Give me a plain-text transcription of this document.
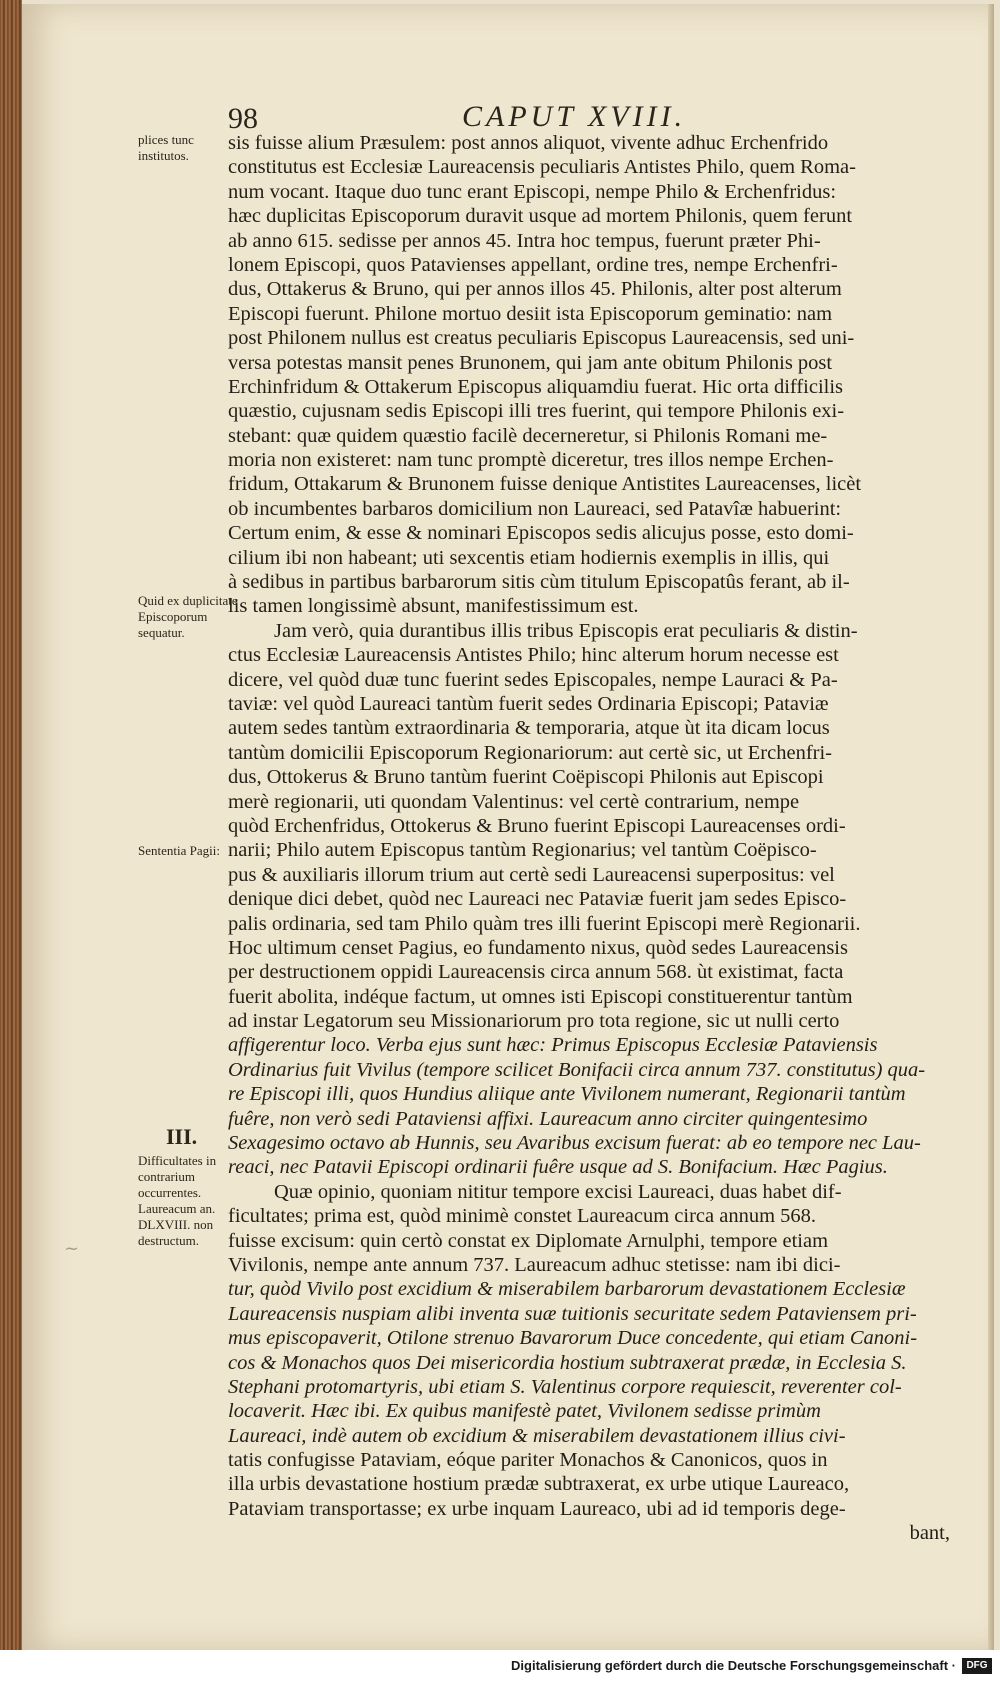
98	CAPUT XVIII.
plices tunc institutos.
Quid ex duplicitate Episcoporum sequatur.
Sententia Pagii:
III.
Difficultates in contrarium occurrentes. Laureacum an. DLXVIII. non destructum.
~
sis fuisse alium Præsulem: post annos aliquot, vivente adhuc Erchenfrido
constitutus est Ecclesiæ Laureacensis peculiaris Antistes Philo, quem Roma-
num vocant. Itaque duo tunc erant Episcopi, nempe Philo & Erchenfridus:
hæc duplicitas Episcoporum duravit usque ad mortem Philonis, quem ferunt
ab anno 615. sedisse per annos 45. Intra hoc tempus, fuerunt præter Phi-
lonem Episcopi, quos Patavienses appellant, ordine tres, nempe Erchenfri-
dus, Ottakerus & Bruno, qui per annos illos 45. Philonis, alter post alterum
Episcopi fuerunt. Philone mortuo desiit ista Episcoporum geminatio: nam
post Philonem nullus est creatus peculiaris Episcopus Laureacensis, sed uni-
versa potestas mansit penes Brunonem, qui jam ante obitum Philonis post
Erchinfridum & Ottakerum Episcopus aliquamdiu fuerat. Hic orta difficilis
quæstio, cujusnam sedis Episcopi illi tres fuerint, qui tempore Philonis exi-
stebant: quæ quidem quæstio facilè decerneretur, si Philonis Romani me-
moria non existeret: nam tunc promptè diceretur, tres illos nempe Erchen-
fridum, Ottakarum & Brunonem fuisse denique Antistites Laureacenses, licèt
ob incumbentes barbaros domicilium non Laureaci, sed Patavîæ habuerint:
Certum enim, & esse & nominari Episcopos sedis alicujus posse, esto domi-
cilium ibi non habeant; uti sexcentis etiam hodiernis exemplis in illis, qui
à sedibus in partibus barbarorum sitis cùm titulum Episcopatûs ferant, ab il-
lis tamen longissimè absunt, manifestissimum est.
Jam verò, quia durantibus illis tribus Episcopis erat peculiaris & distin-
ctus Ecclesiæ Laureacensis Antistes Philo; hinc alterum horum necesse est
dicere, vel quòd duæ tunc fuerint sedes Episcopales, nempe Lauraci & Pa-
taviæ: vel quòd Laureaci tantùm fuerit sedes Ordinaria Episcopi; Pataviæ
autem sedes tantùm extraordinaria & temporaria, atque ùt ita dicam locus
tantùm domicilii Episcoporum Regionariorum: aut certè sic, ut Erchenfri-
dus, Ottokerus & Bruno tantùm fuerint Coëpiscopi Philonis aut Episcopi
merè regionarii, uti quondam Valentinus: vel certè contrarium, nempe
quòd Erchenfridus, Ottokerus & Bruno fuerint Episcopi Laureacenses ordi-
narii; Philo autem Episcopus tantùm Regionarius; vel tantùm Coëpisco-
pus & auxiliaris illorum trium aut certè sedi Laureacensi superpositus: vel
denique dici debet, quòd nec Laureaci nec Pataviæ fuerit jam sedes Episco-
palis ordinaria, sed tam Philo quàm tres illi fuerint Episcopi merè Regionarii.
Hoc ultimum censet Pagius, eo fundamento nixus, quòd sedes Laureacensis
per destructionem oppidi Laureacensis circa annum 568. ùt existimat, facta
fuerit abolita, indéque factum, ut omnes isti Episcopi constituerentur tantùm
ad instar Legatorum seu Missionariorum pro tota regione, sic ut nulli certo
affigerentur loco. Verba ejus sunt hæc: Primus Episcopus Ecclesiæ Pataviensis
Ordinarius fuit Vivilus (tempore scilicet Bonifacii circa annum 737. constitutus) qua-
re Episcopi illi, quos Hundius aliique ante Vivilonem numerant, Regionarii tantùm
fuêre, non verò sedi Pataviensi affixi. Laureacum anno circiter quingentesimo
Sexagesimo octavo ab Hunnis, seu Avaribus excisum fuerat: ab eo tempore nec Lau-
reaci, nec Patavii Episcopi ordinarii fuêre usque ad S. Bonifacium. Hæc Pagius.
Quæ opinio, quoniam nititur tempore excisi Laureaci, duas habet dif-
ficultates; prima est, quòd minimè constet Laureacum circa annum 568.
fuisse excisum: quin certò constat ex Diplomate Arnulphi, tempore etiam
Vivilonis, nempe ante annum 737. Laureacum adhuc stetisse: nam ibi dici-
tur, quòd Vivilo post excidium & miserabilem barbarorum devastationem Ecclesiæ
Laureacensis nuspiam alibi inventa suæ tuitionis securitate sedem Pataviensem pri-
mus episcopaverit, Otilone strenuo Bavarorum Duce concedente, qui etiam Canoni-
cos & Monachos quos Dei misericordia hostium subtraxerat prædæ, in Ecclesia S.
Stephani protomartyris, ubi etiam S. Valentinus corpore requiescit, reverenter col-
locaverit. Hæc ibi. Ex quibus manifestè patet, Vivilonem sedisse primùm
Laureaci, indè autem ob excidium & miserabilem devastationem illius civi-
tatis confugisse Pataviam, eóque pariter Monachos & Canonicos, quos in
illa urbis devastatione hostium prædæ subtraxerat, ex urbe utique Laureaco,
Pataviam transportasse; ex urbe inquam Laureaco, ubi ad id temporis dege-
bant,
Digitalisierung gefördert durch die Deutsche Forschungsgemeinschaft ·	DFG
